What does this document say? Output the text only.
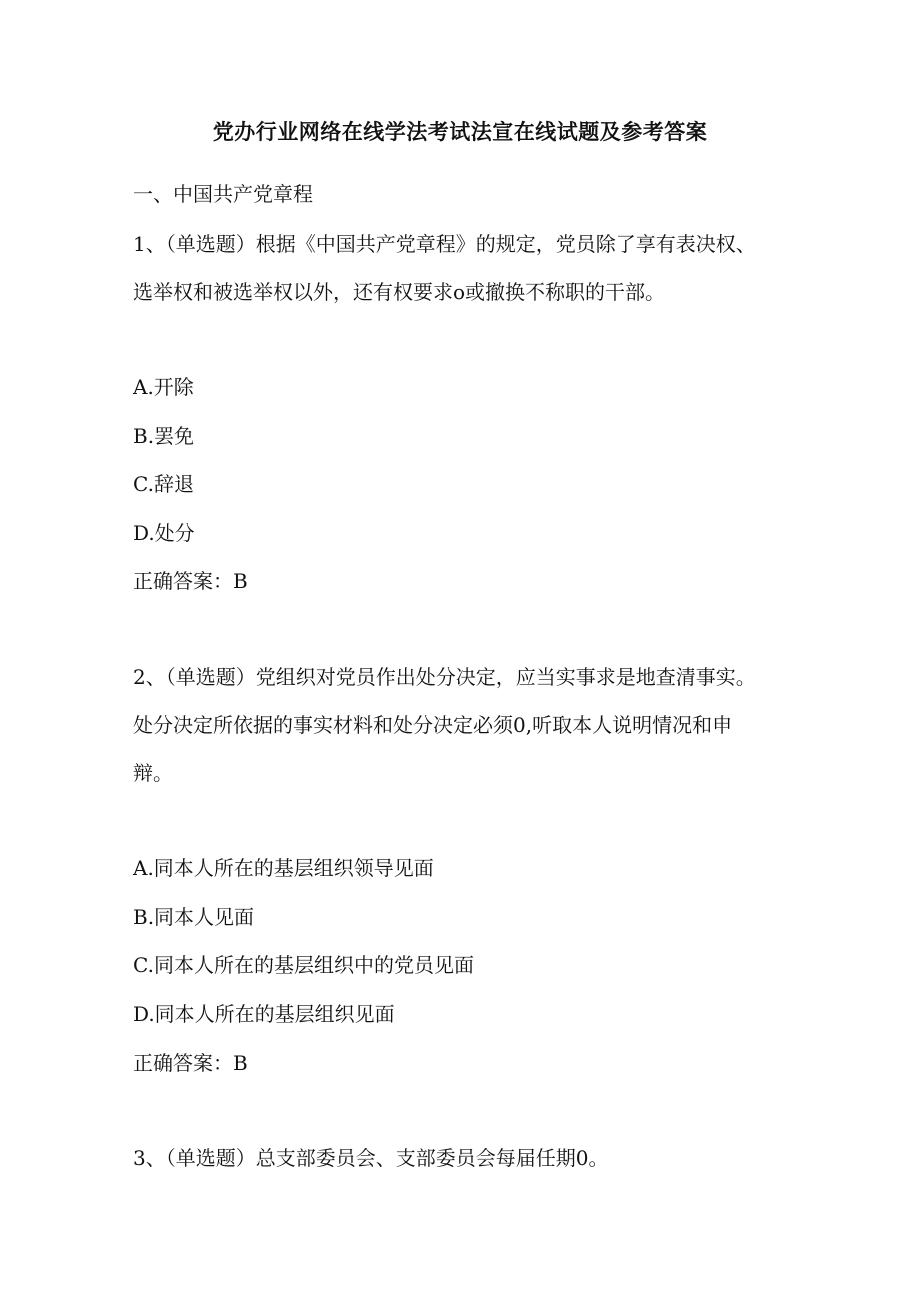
党办行业网络在线学法考试法宣在线试题及参考答案
一、中国共产党章程
1、（单选题）根据《中国共产党章程》的规定，党员除了享有表决权、
选举权和被选举权以外，还有权要求o或撤换不称职的干部。
A.开除
B.罢免
C.辞退
D.处分
正确答案：B
2、（单选题）党组织对党员作出处分决定，应当实事求是地查清事实。
处分决定所依据的事实材料和处分决定必须0,听取本人说明情况和申
辩。
A.同本人所在的基层组织领导见面
B.同本人见面
C.同本人所在的基层组织中的党员见面
D.同本人所在的基层组织见面
正确答案：B
3、（单选题）总支部委员会、支部委员会每届任期0。
